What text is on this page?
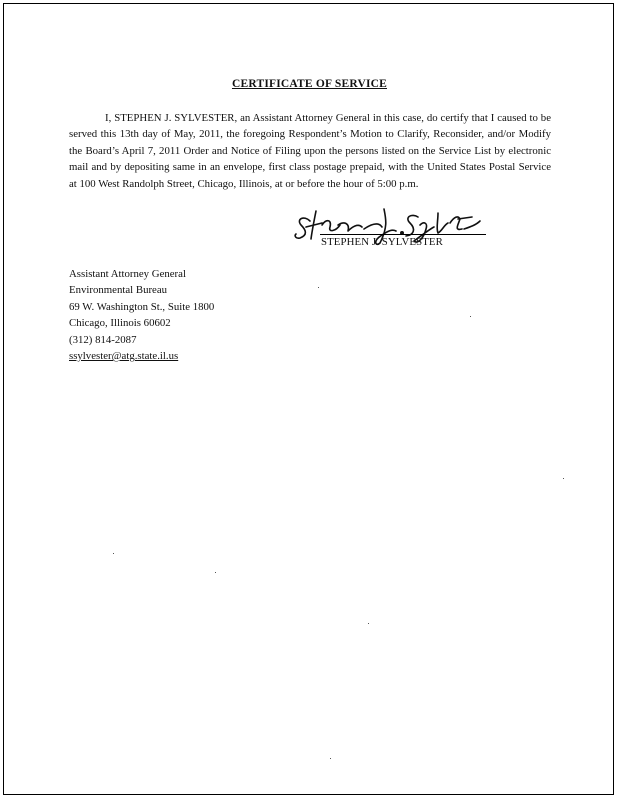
CERTIFICATE OF SERVICE

I, STEPHEN J. SYLVESTER, an Assistant Attorney General in this case, do certify that I caused to be served this 13th day of May, 2011, the foregoing Respondent’s Motion to Clarify, Reconsider, and/or Modify the Board’s April 7, 2011 Order and Notice of Filing upon the persons listed on the Service List by electronic mail and by depositing same in an envelope, first class postage prepaid, with the United States Postal Service at 100 West Randolph Street, Chicago, Illinois, at or before the hour of 5:00 p.m.

STEPHEN J. SYLVESTER
Assistant Attorney General
Environmental Bureau
69 W. Washington St., Suite 1800
Chicago, Illinois 60602
(312) 814-2087
ssylvester@atg.state.il.us
